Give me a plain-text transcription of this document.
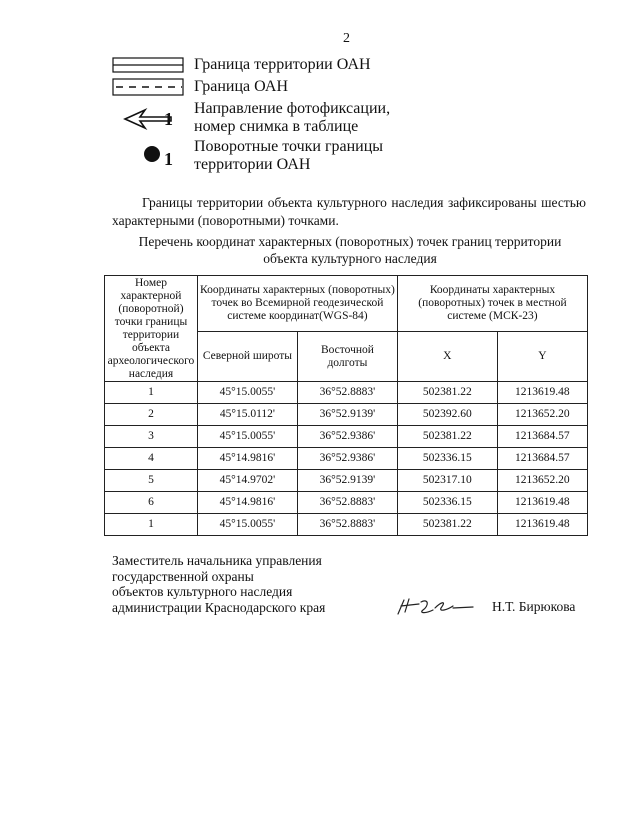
2
Граница территории ОАН
Граница ОАН
1
Направление фотофиксации,
номер снимка в таблице
1
Поворотные точки границы
территории ОАН
Границы территории объекта культурного наследия зафиксированы шестью характерными (поворотными) точками.
Перечень координат характерных (поворотных) точек границ территории
объекта культурного наследия
Номер характерной (поворотной) точки границы территории объекта археологического наследия	Координаты характерных (поворотных) точек во Всемирной геодезической системе координат(WGS-84)		Координаты характерных (поворотных) точек в местной системе (МСК-23)	
	Северной широты	Восточной долготы	X	Y
1	45°15.0055'	36°52.8883'	502381.22	1213619.48
2	45°15.0112'	36°52.9139'	502392.60	1213652.20
3	45°15.0055'	36°52.9386'	502381.22	1213684.57
4	45°14.9816'	36°52.9386'	502336.15	1213684.57
5	45°14.9702'	36°52.9139'	502317.10	1213652.20
6	45°14.9816'	36°52.8883'	502336.15	1213619.48
1	45°15.0055'	36°52.8883'	502381.22	1213619.48
Заместитель начальника управления
государственной охраны
объектов культурного наследия
администрации Краснодарского края	Н.Т. Бирюкова
